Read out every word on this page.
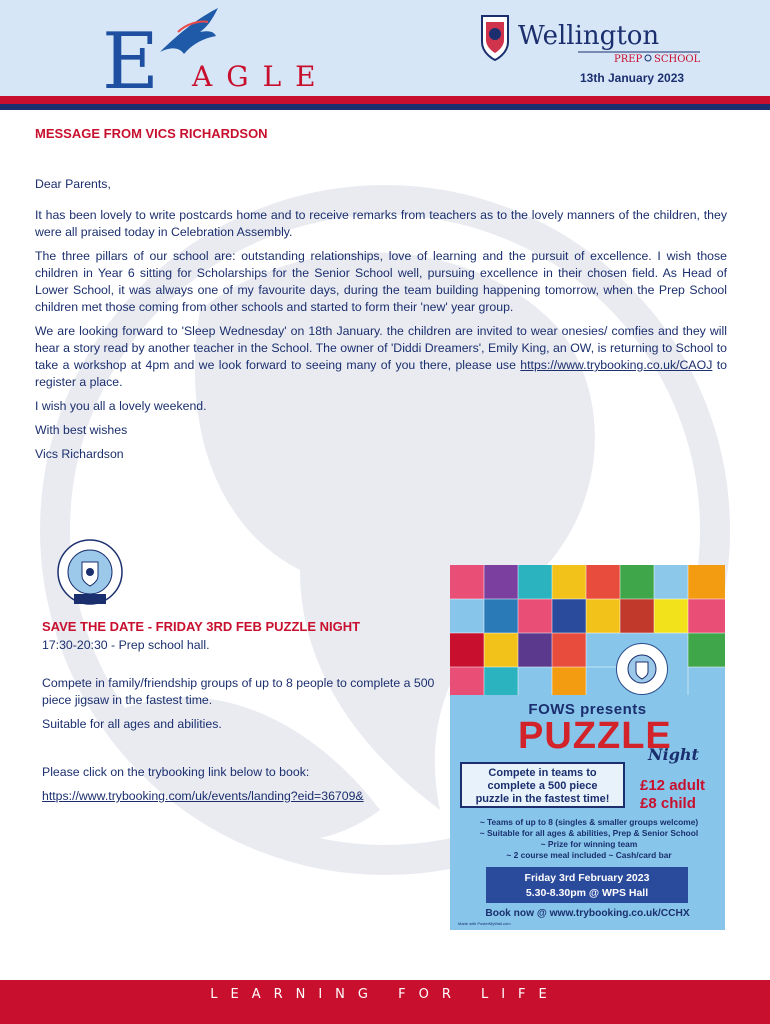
E AGLE
Wellington
PREP SCHOOL
13th January 2023
MESSAGE FROM VICS RICHARDSON

Dear Parents,

It has been lovely to write postcards home and to receive remarks from teachers as to the lovely manners of the children, they were all praised today in Celebration Assembly.

The three pillars of our school are: outstanding relationships, love of learning and the pursuit of excellence. I wish those children in Year 6 sitting for Scholarships for the Senior School well, pursuing excellence in their chosen field. As Head of Lower School, it was always one of my favourite days, during the team building happening tomorrow, when the Prep School children met those coming from other schools and started to form their 'new' year group.

We are looking forward to 'Sleep Wednesday' on 18th January. the children are invited to wear onesies/ comfies and they will hear a story read by another teacher in the School. The owner of 'Diddi Dreamers', Emily King, an OW, is returning to School to take a workshop at 4pm and we look forward to seeing many of you there, please use https://www.trybooking.co.uk/CAOJ to register a place.

I wish you all a lovely weekend.

With best wishes

Vics Richardson

SAVE THE DATE - FRIDAY 3RD FEB PUZZLE NIGHT

17:30-20:30 - Prep school hall.

Compete in family/friendship groups of up to 8 people to complete a 500 piece jigsaw in the fastest time.

Suitable for all ages and abilities.

Please click on the trybooking link below to book:

https://www.trybooking.com/uk/events/landing?eid=36709&

FOWS presents
PUZZLE
Night
Compete in teams to
complete a 500 piece
puzzle in the fastest time!
£12 adult
£8 child
~ Teams of up to 8 (singles & smaller groups welcome)
~ Suitable for all ages & abilities, Prep & Senior School
~ Prize for winning team
~ 2 course meal included ~ Cash/card bar
Friday 3rd February 2023
5.30-8.30pm @ WPS Hall
Book now @ www.trybooking.co.uk/CCHX
Made with PosterMyWall.com
LEARNING FOR LIFE
